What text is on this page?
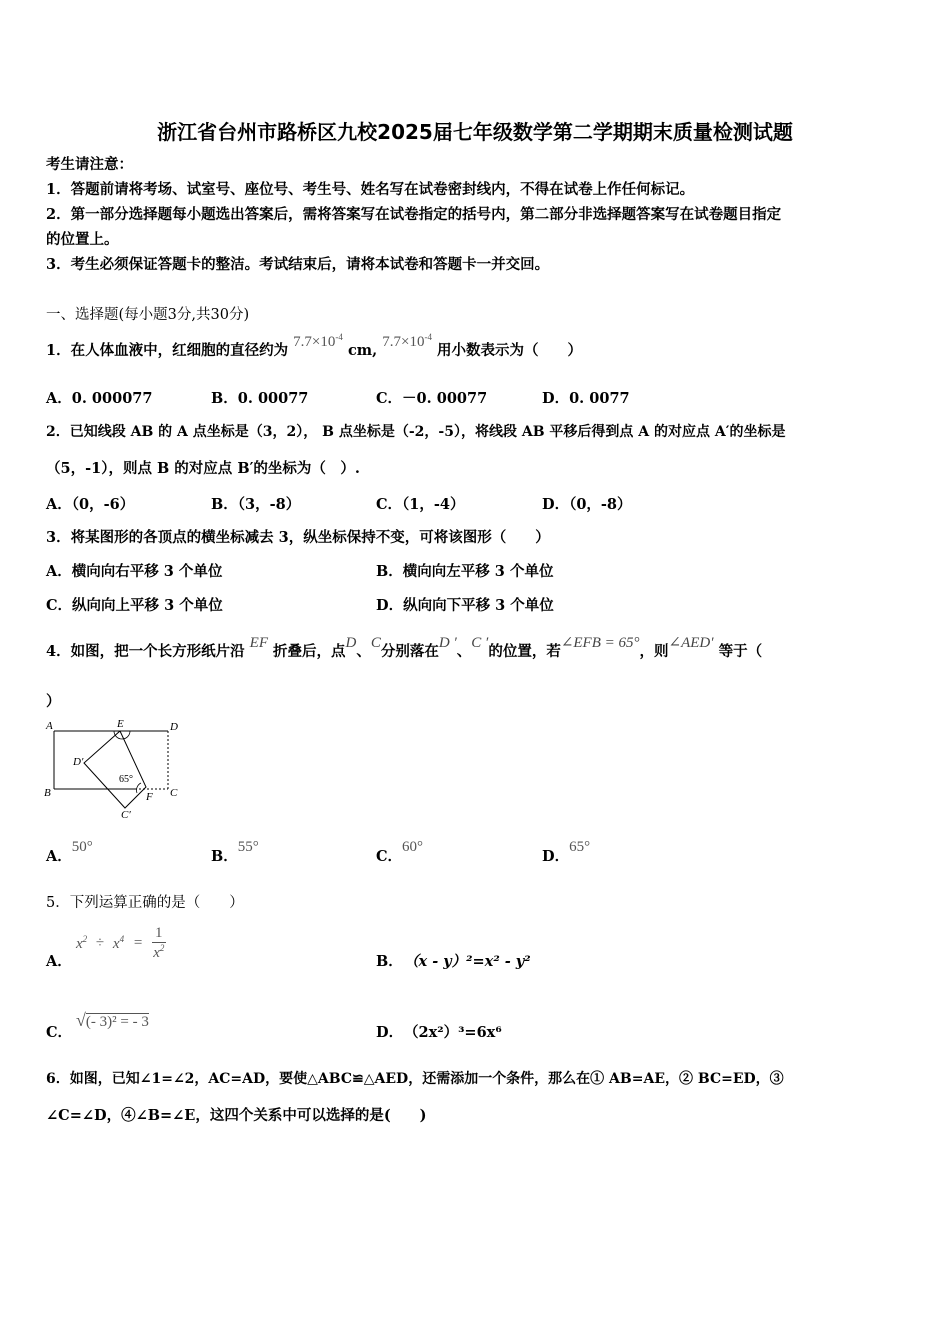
浙江省台州市路桥区九校2025届七年级数学第二学期期末质量检测试题
考生请注意：
1．答题前请将考场、试室号、座位号、考生号、姓名写在试卷密封线内，不得在试卷上作任何标记。
2．第一部分选择题每小题选出答案后，需将答案写在试卷指定的括号内，第二部分非选择题答案写在试卷题目指定
的位置上。
3．考生必须保证答题卡的整洁。考试结束后，请将本试卷和答题卡一并交回。
一、选择题(每小题3分,共30分)
1．在人体血液中，红细胞的直径约为 $7.7\times 10^{-4}$ cm, $7.7\times 10^{-4}$ 用小数表示为（　　）
A．0. 000077	B．0. 00077	C．－0. 00077	D．0. 0077
2．已知线段 AB 的 A 点坐标是（3，2）， B 点坐标是（-2，-5），将线段 AB 平移后得到点 A 的对应点 A′的坐标是
（5，-1），则点 B 的对应点 B′的坐标为（　）.
A．（0，-6）	B．（3，-8）	C．（1，-4）	D．（0，-8）
3．将某图形的各顶点的横坐标减去 3，纵坐标保持不变，可将该图形（　　）
A．横向向右平移 3 个单位	B．横向向左平移 3 个单位
C．纵向向上平移 3 个单位	D．纵向向下平移 3 个单位
4．如图，把一个长方形纸片沿 EF 折叠后，点D、C分别落在D ′、C ′的位置，若∠EFB = 65°，则∠AED′ 等于（
）
A	E	D
D′
65°
B	F C
C′
A．50°
B．55°
C．60°
D．65°
5．下列运算正确的是（　　）
A．
$x^2 \div x^4 = \frac{1}{x^2}$	B． （x - y）²=x² - y²
C．
√(- 3)² = - 3
D． （2x²）³=6x⁶
6．如图，已知∠1=∠2，AC=AD，要使△ABC≌△AED，还需添加一个条件，那么在① AB=AE，② BC=ED，③
∠C=∠D，④∠B=∠E，这四个关系中可以选择的是(　　)
